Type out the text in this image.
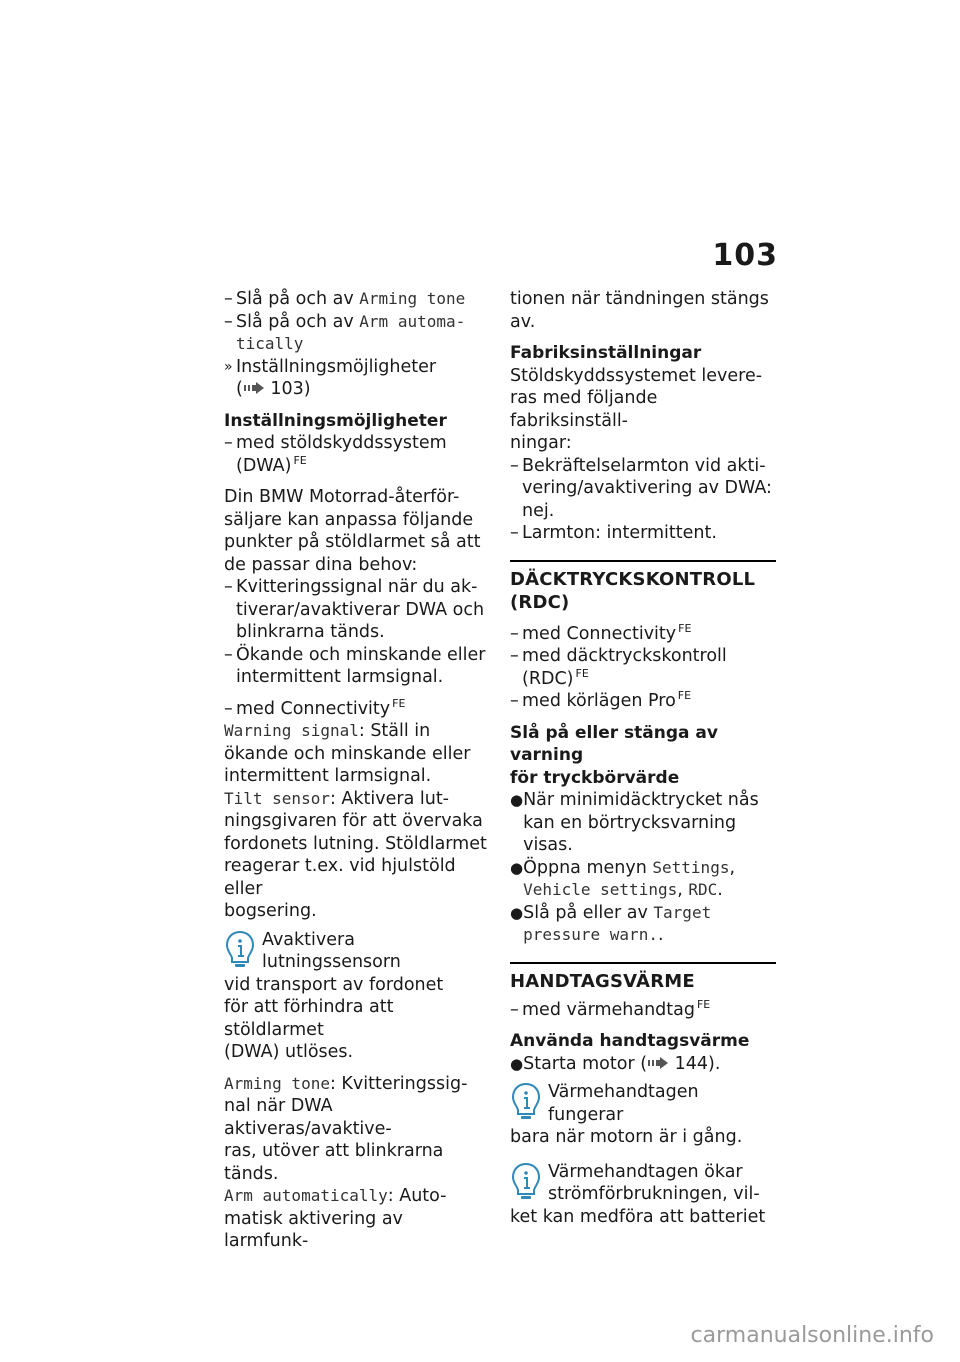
103
– Slå på och av Arming tone
– Slå på och av Arm automa-
tically
» Inställningsmöjligheter
( 103)

Inställningsmöjligheter

– med stöldskyddssystem
(DWA) $^{FE}$

Din BMW Motorrad-återför-
säljare kan anpassa följande
punkter på stöldlarmet så att
de passar dina behov:

– Kvitteringssignal när du ak-
tiverar/avaktiverar DWA och
blinkrarna tänds.
– Ökande och minskande eller
intermittent larmsignal.
– med Connectivity $^{FE}$

Warning signal: Ställ in
ökande och minskande eller
intermittent larmsignal.

Tilt sensor: Aktivera lut-
ningsgivaren för att övervaka
fordonets lutning. Stöldlarmet
reagerar t.ex. vid hjulstöld eller
bogsering.

Avaktivera lutningssensorn
vid transport av fordonet
för att förhindra att stöldlarmet
(DWA) utlöses.

Arming tone: Kvitteringssig-
nal när DWA aktiveras/avaktive-
ras, utöver att blinkrarna tänds.

Arm automatically: Auto-
matisk aktivering av larmfunk-

tionen när tändningen stängs
av.

Fabriksinställningar

Stöldskyddssystemet levere-
ras med följande fabriksinställ-
ningar:

– Bekräftelselarmton vid akti-
vering/avaktivering av DWA:
nej.
– Larmton: intermittent.
DÄCKTRYCKSKONTROLL
(RDC)
– med Connectivity $^{FE}$
– med däcktryckskontroll
(RDC) $^{FE}$
– med körlägen Pro $^{FE}$

Slå på eller stänga av varning
för tryckbörvärde

● När minimidäcktrycket nås
kan en börtrycksvarning visas.
● Öppna menyn Settings,
Vehicle settings, RDC.
● Slå på eller av Target
pressure warn..
HANDTAGSVÄRME
– med värmehandtag $^{FE}$

Använda handtagsvärme

● Starta motor ( 144).
Värmehandtagen fungerar
bara när motorn är i gång.
Värmehandtagen ökar
strömförbrukningen, vil-
ket kan medföra att batteriet
carmanualsonline.info
